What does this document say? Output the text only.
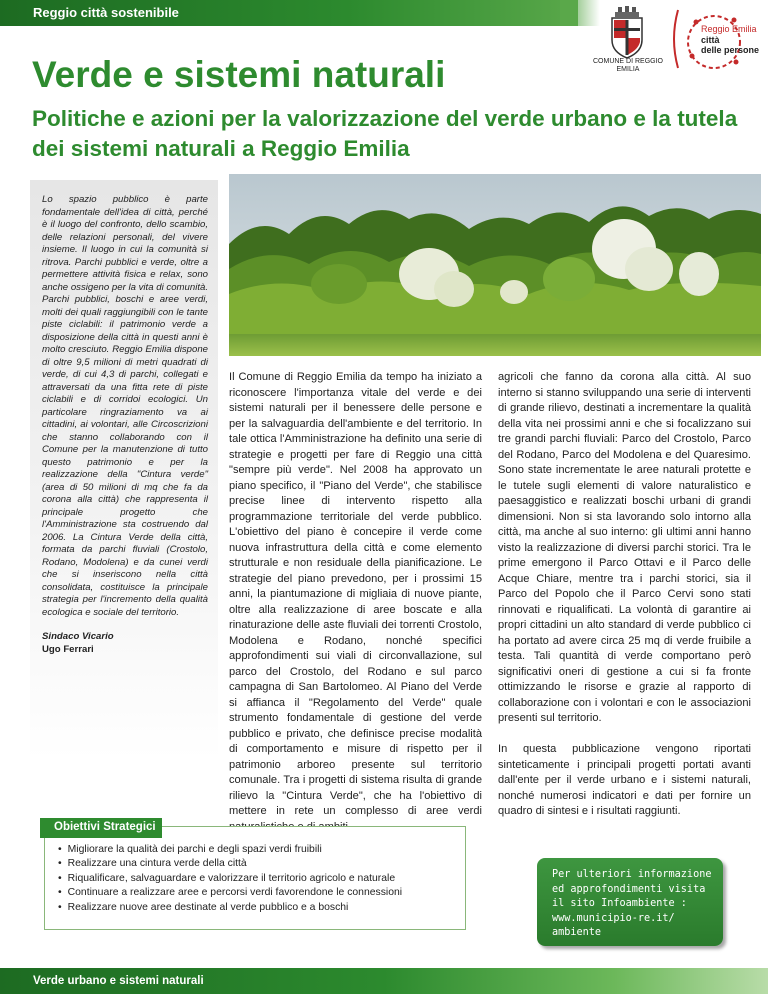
Reggio città sostenibile
COMUNE DI REGGIO EMILIA
Reggio Emilia
città
delle persone
Verde e sistemi naturali
Politiche e azioni per la valorizzazione del verde urbano e la tutela dei sistemi naturali a Reggio Emilia

Lo spazio pubblico è parte fondamentale dell'idea di città, perché è il luogo del confronto, dello scambio, delle relazioni personali, del vivere insieme. Il luogo in cui la comunità si ritrova. Parchi pubblici e verde, oltre a permettere attività fisica e relax, sono anche ossigeno per la vita di comunità. Parchi pubblici, boschi e aree verdi, molti dei quali raggiungibili con le tante piste ciclabili: il patrimonio verde a disposizione della città in questi anni è molto cresciuto. Reggio Emilia dispone di oltre 9,5 milioni di metri quadrati di verde, di cui 4,3 di parchi, collegati e attraversati da una fitta rete di piste ciclabili e di corridoi ecologici. Un particolare ringraziamento va ai cittadini, ai volontari, alle Circoscrizioni che stanno collaborando con il Comune per la manutenzione di tutto questo patrimonio e per la realizzazione della "Cintura verde" (area di 50 milioni di mq che fa da corona alla città) che rappresenta il principale progetto che l'Amministrazione sta costruendo dal 2006. La Cintura Verde della città, formata da parchi fluviali (Crostolo, Rodano, Modolena) e da cunei verdi che si inseriscono nella città consolidata, costituisce la principale strategia per l'incremento della qualità ecologica e sociale del territorio.

Sindaco Vicario
Ugo Ferrari

Il Comune di Reggio Emilia da tempo ha iniziato a riconoscere l'importanza vitale del verde e dei sistemi naturali per il benessere delle persone e per la salvaguardia dell'ambiente e del territorio. In tale ottica l'Amministrazione ha definito una serie di strategie e progetti per fare di Reggio una città "sempre più verde". Nel 2008 ha approvato un piano specifico, il "Piano del Verde", che stabilisce precise linee di intervento rispetto alla programmazione territoriale del verde pubblico. L'obiettivo del piano è concepire il verde come nuova infrastruttura della città e come elemento strutturale e non residuale della pianificazione. Le strategie del piano prevedono, per i prossimi 15 anni, la piantumazione di migliaia di nuove piante, oltre alla realizzazione di aree boscate e alla rinaturazione delle aste fluviali dei torrenti Crostolo, Modolena e Rodano, nonché specifici approfondimenti sui viali di circonvallazione, sul parco del Crostolo, del Rodano e sul parco campagna di San Bartolomeo. Al Piano del Verde si affianca il "Regolamento del Verde" quale strumento fondamentale di gestione del verde pubblico e privato, che definisce precise modalità di comportamento e misure di rispetto per il patrimonio arboreo presente sul territorio comunale. Tra i progetti di sistema risulta di grande rilievo la "Cintura Verde", che ha l'obiettivo di mettere in rete un complesso di aree verdi

agricoli che fanno da corona alla città. Al suo interno si stanno sviluppando una serie di interventi di grande rilievo, destinati a incrementare la qualità della vita nei prossimi anni e che si focalizzano sui tre grandi parchi fluviali: Parco del Crostolo, Parco del Rodano, Parco del Modolena e del Quaresimo. Sono state incrementate le aree naturali protette e le tutele sugli elementi di valore naturalistico e paesaggistico e realizzati boschi urbani di grandi dimensioni. Non si sta lavorando solo intorno alla città, ma anche al suo interno: gli ultimi anni hanno visto la realizzazione di diversi parchi storici. Tra le prime emergono il Parco Ottavi e il Parco delle Acque Chiare, mentre tra i parchi storici, sia il Parco del Popolo che il Parco Cervi sono stati rinnovati e riqualificati. La volontà di garantire ai propri cittadini un alto standard di verde pubblico ci ha portato ad avere circa 25 mq di verde fruibile a testa. Tali quantità di verde comportano però significativi oneri di gestione a cui si fa fronte ottimizzando le risorse e grazie al rapporto di collaborazione con i volontari e con le associazioni presenti sul territorio.

In questa pubblicazione vengono riportati sinteticamente i principali progetti portati avanti dall'ente per il verde urbano e i sistemi naturali, nonché numerosi indicatori e dati per fornire un quadro di sintesi e i risultati raggiunti.

Obiettivi Strategici
• Migliorare la qualità dei parchi e degli spazi verdi fruibili
• Realizzare una cintura verde della città
• Riqualificare, salvaguardare e valorizzare il territorio agricolo e naturale
• Continuare a realizzare aree e percorsi verdi favorendone le connessioni
• Realizzare nuove aree destinate al verde pubblico e a boschi

Per ulteriori informazione
ed approfondimenti visita
il sito Infoambiente :
www.municipio-re.it/
ambiente

Verde urbano e sistemi naturali
